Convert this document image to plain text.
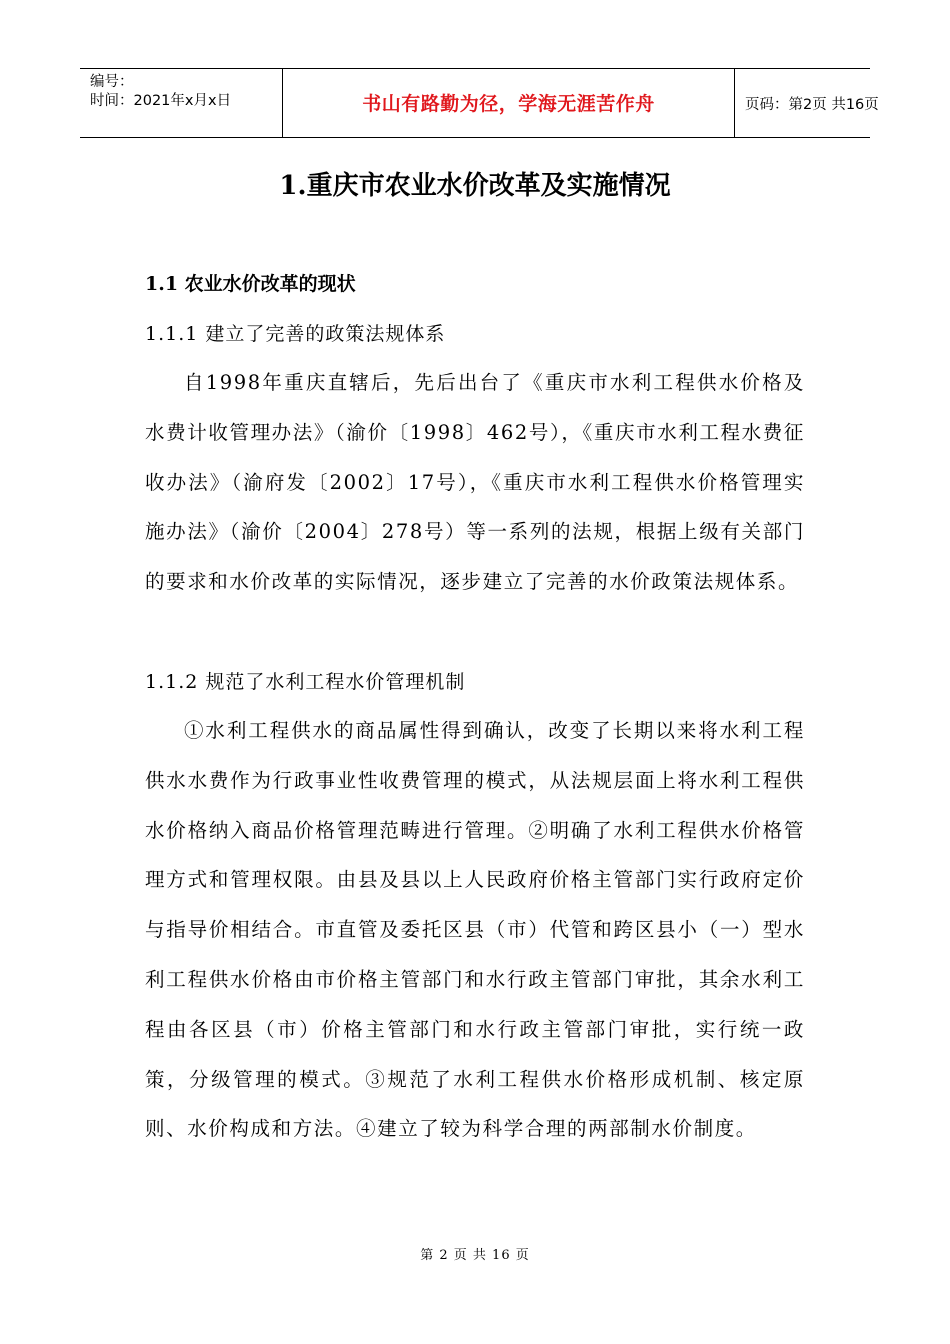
编号：
时间：2021年x月x日	书山有路勤为径，学海无涯苦作舟	页码：第2页 共16页
1.重庆市农业水价改革及实施情况
1.1 农业水价改革的现状
1.1.1 建立了完善的政策法规体系

自1998年重庆直辖后，先后出台了《重庆市水利工程供水价格及水费计收管理办法》（渝价〔1998〕462号），《重庆市水利工程水费征收办法》（渝府发〔2002〕17号），《重庆市水利工程供水价格管理实施办法》（渝价〔2004〕278号）等一系列的法规，根据上级有关部门的要求和水价改革的实际情况，逐步建立了完善的水价政策法规体系。

1.1.2 规范了水利工程水价管理机制

①水利工程供水的商品属性得到确认，改变了长期以来将水利工程供水水费作为行政事业性收费管理的模式，从法规层面上将水利工程供水价格纳入商品价格管理范畴进行管理。②明确了水利工程供水价格管理方式和管理权限。由县及县以上人民政府价格主管部门实行政府定价与指导价相结合。市直管及委托区县（市）代管和跨区县小（一）型水利工程供水价格由市价格主管部门和水行政主管部门审批，其余水利工程由各区县（市）价格主管部门和水行政主管部门审批，实行统一政策，分级管理的模式。③规范了水利工程供水价格形成机制、核定原则、水价构成和方法。④建立了较为科学合理的两部制水价制度。

第 2 页 共 16 页
